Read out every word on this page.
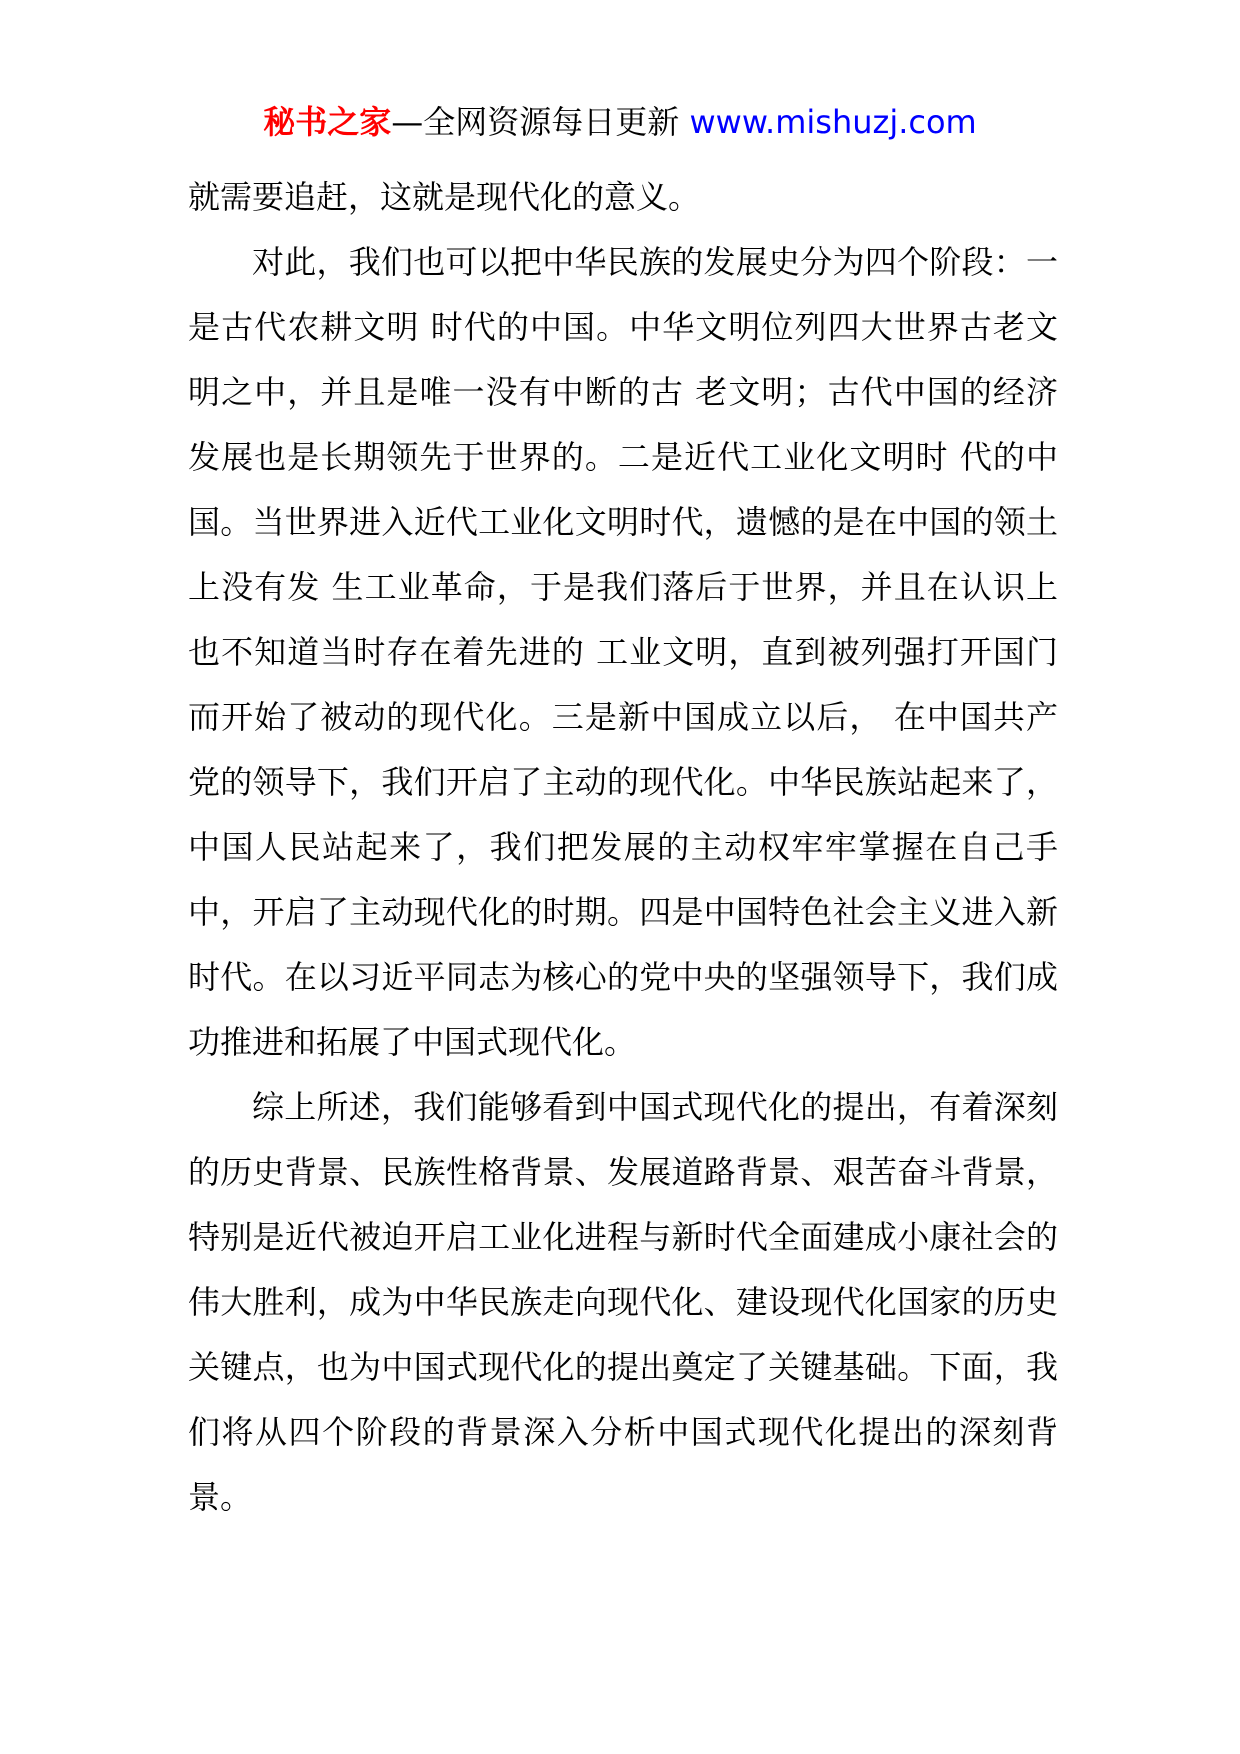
秘书之家—全网资源每日更新 www.mishuzj.com

就需要追赶，这就是现代化的意义。

对此，我们也可以把中华民族的发展史分为四个阶段：一是古代农耕文明 时代的中国。中华文明位列四大世界古老文明之中，并且是唯一没有中断的古 老文明；古代中国的经济发展也是长期领先于世界的。二是近代工业化文明时 代的中国。当世界进入近代工业化文明时代，遗憾的是在中国的领土上没有发 生工业革命，于是我们落后于世界，并且在认识上也不知道当时存在着先进的 工业文明，直到被列强打开国门而开始了被动的现代化。三是新中国成立以后， 在中国共产党的领导下，我们开启了主动的现代化。中华民族站起来了，中国人民站起来了，我们把发展的主动权牢牢掌握在自己手中，开启了主动现代化的时期。四是中国特色社会主义进入新时代。在以习近平同志为核心的党中央的坚强领导下，我们成功推进和拓展了中国式现代化。

综上所述，我们能够看到中国式现代化的提出，有着深刻的历史背景、民族性格背景、发展道路背景、艰苦奋斗背景，特别是近代被迫开启工业化进程与新时代全面建成小康社会的伟大胜利，成为中华民族走向现代化、建设现代化国家的历史关键点，也为中国式现代化的提出奠定了关键基础。下面，我们将从四个阶段的背景深入分析中国式现代化提出的深刻背景。
